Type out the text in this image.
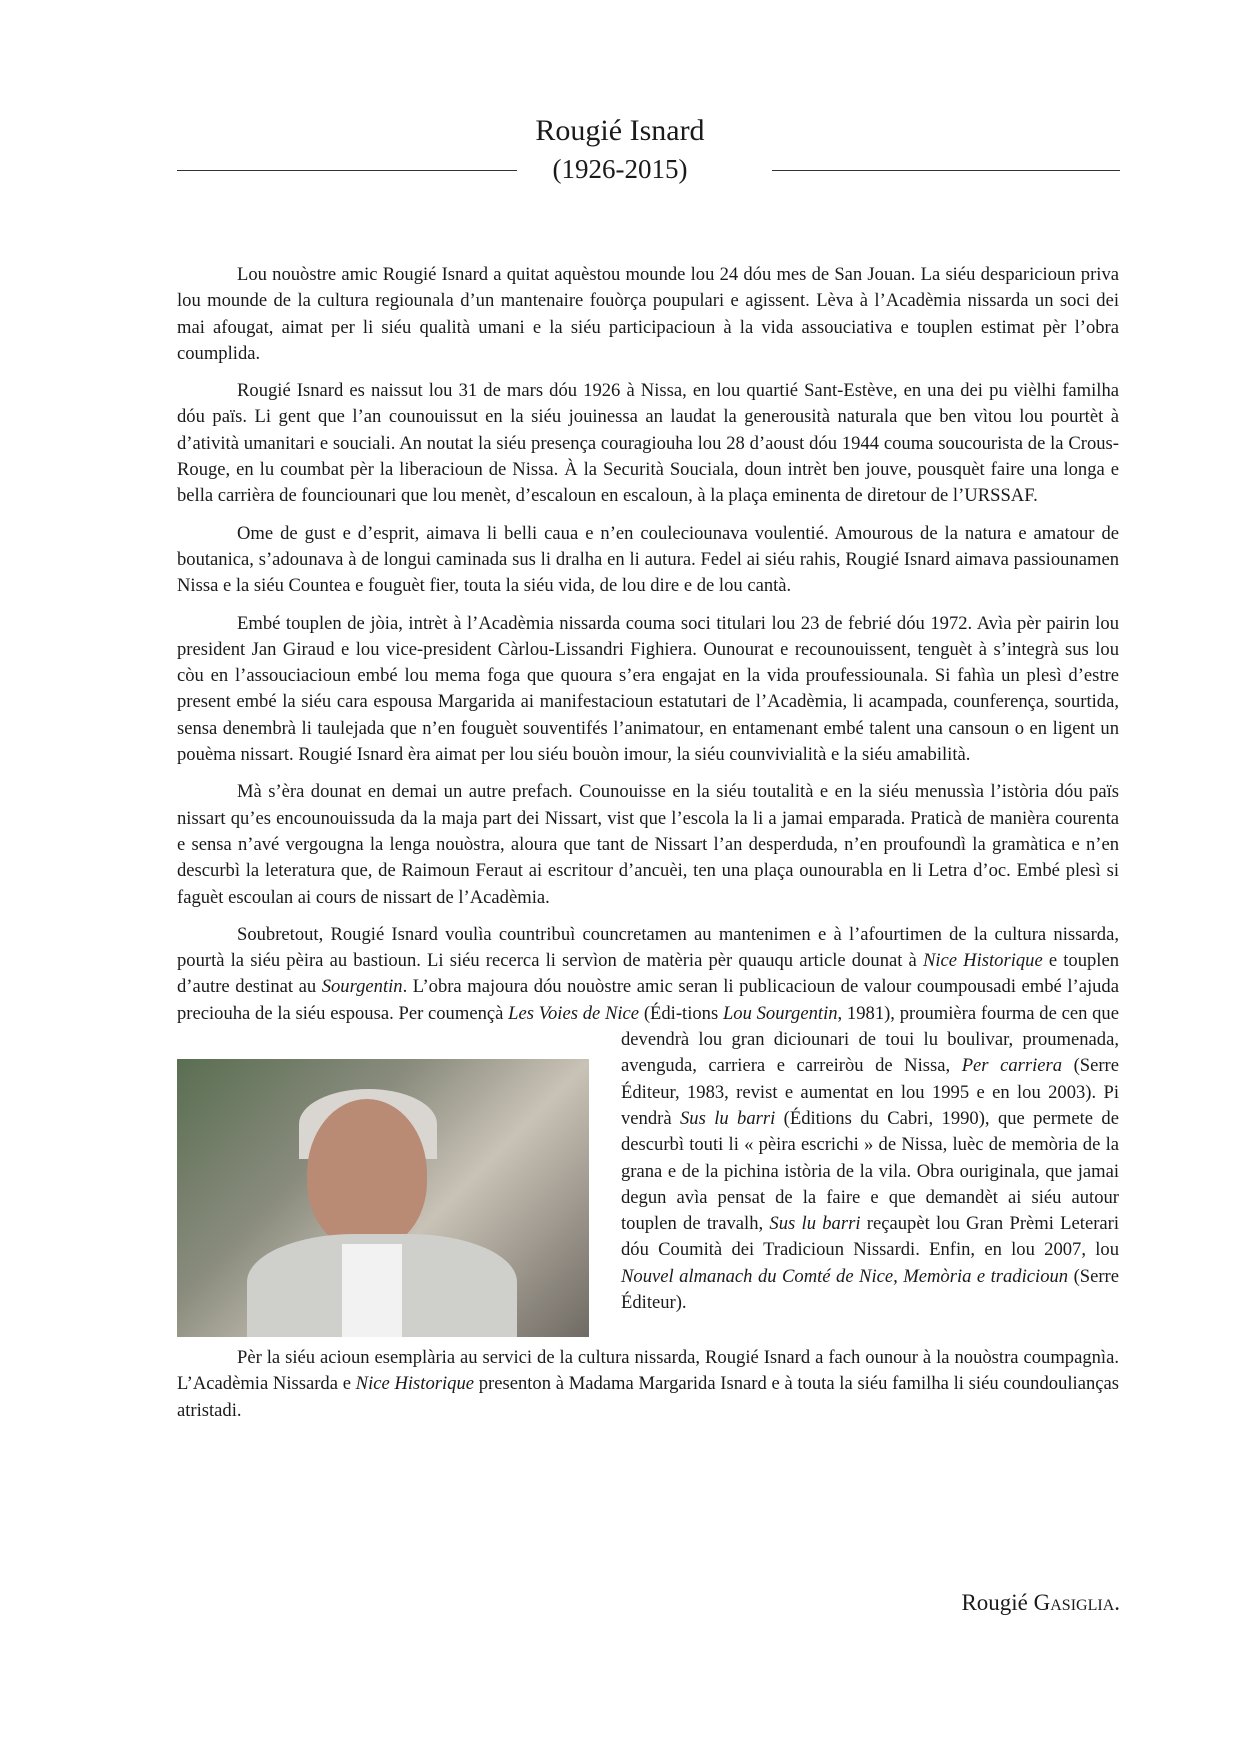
Rougié Isnard
(1926-2015)

Lou nouòstre amic Rougié Isnard a quitat aquèstou mounde lou 24 dóu mes de San Jouan. La siéu desparicioun priva lou mounde de la cultura regiounala d’un mantenaire fouòrça poupulari e agissent. Lèva à l’Acadèmia nissarda un soci dei mai afougat, aimat per li siéu qualità umani e la siéu participacioun à la vida assouciativa e touplen estimat pèr l’obra coumplida.

Rougié Isnard es naissut lou 31 de mars dóu 1926 à Nissa, en lou quartié Sant-Estève, en una dei pu vièlhi familha dóu païs. Li gent que l’an counouissut en la siéu jouinessa an laudat la generousità naturala que ben vìtou lou pourtèt à d’atività umanitari e souciali. An noutat la siéu presença couragiouha lou 28 d’aoust dóu 1944 couma soucourista de la Crous-Rouge, en lu coumbat pèr la liberacioun de Nissa. À la Securità Souciala, doun intrèt ben jouve, pousquèt faire una longa e bella carrièra de founciounari que lou menèt, d’escaloun en escaloun, à la plaça eminenta de diretour de l’URSSAF.

Ome de gust e d’esprit, aimava li belli caua e n’en couleciounava voulentié. Amourous de la natura e amatour de boutanica, s’adounava à de longui caminada sus li dralha en li autura. Fedel ai siéu rahis, Rougié Isnard aimava passiounamen Nissa e la siéu Countea e fouguèt fier, touta la siéu vida, de lou dire e de lou cantà.

Embé touplen de jòia, intrèt à l’Acadèmia nissarda couma soci titulari lou 23 de febrié dóu 1972. Avìa pèr pairin lou president Jan Giraud e lou vice-president Càrlou-Lissandri Fighiera. Ounourat e recounouissent, tenguèt à s’integrà sus lou còu en l’assouciacioun embé lou mema foga que quoura s’era engajat en la vida proufessiounala. Si fahìa un plesì d’estre present embé la siéu cara espousa Margarida ai manifestacioun estatutari de l’Acadèmia, li acampada, counferença, sourtida, sensa denembrà li taulejada que n’en fouguèt souventifés l’animatour, en entamenant embé talent una cansoun o en ligent un pouèma nissart. Rougié Isnard èra aimat per lou siéu bouòn imour, la siéu counvivialità e la siéu amabilità.

Mà s’èra dounat en demai un autre prefach. Counouisse en la siéu toutalità e en la siéu menussìa l’istòria dóu païs nissart qu’es encounouissuda da la maja part dei Nissart, vist que l’escola la li a jamai emparada. Praticà de manièra courenta e sensa n’avé vergougna la lenga nouòstra, aloura que tant de Nissart l’an desperduda, n’en proufoundì la gramàtica e n’en descurbì la leteratura que, de Raimoun Feraut ai escritour d’ancuèi, ten una plaça ounourabla en li Letra d’oc. Embé plesì si faguèt escoulan ai cours de nissart de l’Acadèmia.

Soubretout, Rougié Isnard voulìa countribuì councretamen au mantenimen e à l’afourtimen de la cultura nissarda, pourtà la siéu pèira au bastioun. Li siéu recerca li servìon de matèria pèr quauqu article dounat à Nice Historique e touplen d’autre destinat au Sourgentin. L’obra majoura dóu nouòstre amic seran li publicacioun de valour coumpousadi embé l’ajuda preciouha de la siéu espousa. Per coumençà Les Voies de Nice (Édi-tions
Lou Sourgentin, 1981), proumièra fourma de cen que devendrà lou gran diciounari de toui lu boulivar, proumenada, avenguda, carriera e carreiròu de Nissa, Per carriera (Serre Éditeur, 1983, revist e aumentat en lou 1995 e en lou 2003). Pi vendrà Sus lu barri (Éditions du Cabri, 1990), que permete de descurbì touti li « pèira escrichi » de Nissa, luèc de memòria de la grana e de la pichina istòria de la vila. Obra ouriginala, que jamai degun avìa pensat de la faire e que demandèt ai siéu autour touplen de travalh, Sus lu barri reçaupèt lou Gran Prèmi Leterari dóu Coumità dei Tradicioun Nissardi. Enfin, en lou 2007, lou Nouvel almanach du Comté de Nice, Memòria e tradicioun (Serre Éditeur).

Pèr la siéu acioun esemplària au servici de la cultura nissarda, Rougié Isnard a fach ounour à la nouòstra coumpagnìa. L’Acadèmia Nissarda e Nice Historique presenton à Madama Margarida Isnard e à touta la siéu familha li siéu coundoulianças atristadi.

Rougié Gasiglia.
